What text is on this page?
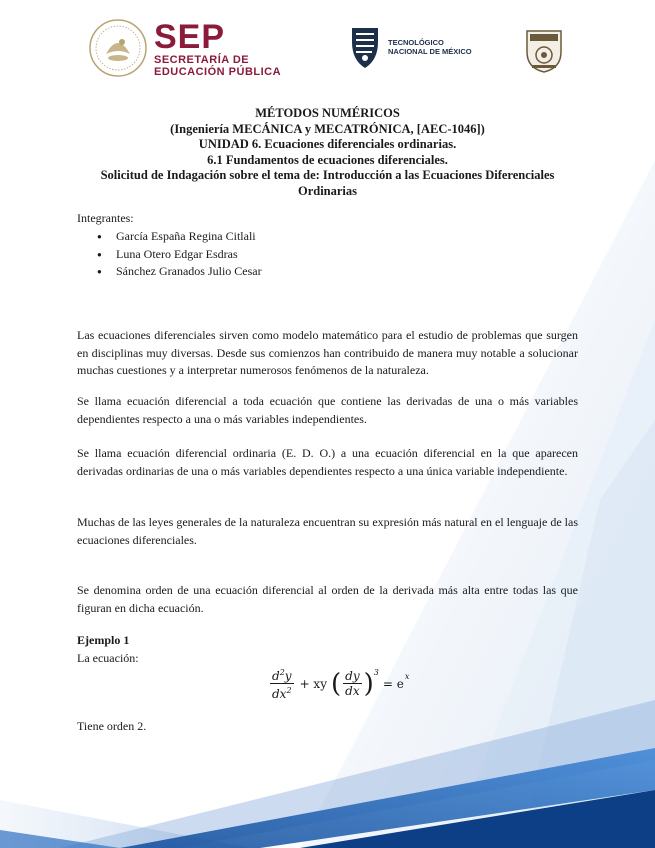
SEP
SECRETARÍA DE
EDUCACIÓN PÚBLICA
TECNOLÓGICO
NACIONAL DE MÉXICO
MÉTODOS NUMÉRICOS
(Ingeniería MECÁNICA y MECATRÓNICA, [AEC-1046])
UNIDAD 6. Ecuaciones diferenciales ordinarias.
6.1 Fundamentos de ecuaciones diferenciales.
Solicitud de Indagación sobre el tema de: Introducción a las Ecuaciones Diferenciales
Ordinarias
Integrantes:
● García España Regina Citlali
● Luna Otero Edgar Esdras
● Sánchez Granados Julio Cesar
Las ecuaciones diferenciales sirven como modelo matemático para el estudio de problemas que surgen en disciplinas muy diversas. Desde sus comienzos han contribuido de manera muy notable a solucionar muchas cuestiones y a interpretar numerosos fenómenos de la naturaleza.
Se llama ecuación diferencial a toda ecuación que contiene las derivadas de una o más variables dependientes respecto a una o más variables independientes.
Se llama ecuación diferencial ordinaria (E. D. O.) a una ecuación diferencial en la que aparecen derivadas ordinarias de una o más variables dependientes respecto a una única variable independiente.
Muchas de las leyes generales de la naturaleza encuentran su expresión más natural en el lenguaje de las ecuaciones diferenciales.
Se denomina orden de una ecuación diferencial al orden de la derivada más alta entre todas las que figuran en dicha ecuación.
Ejemplo 1
La ecuación:
$\frac{d^2y}{dx^2}$ + xy ( $\frac{dy}{dx} )^3$
= $e^x$
Tiene orden 2.
